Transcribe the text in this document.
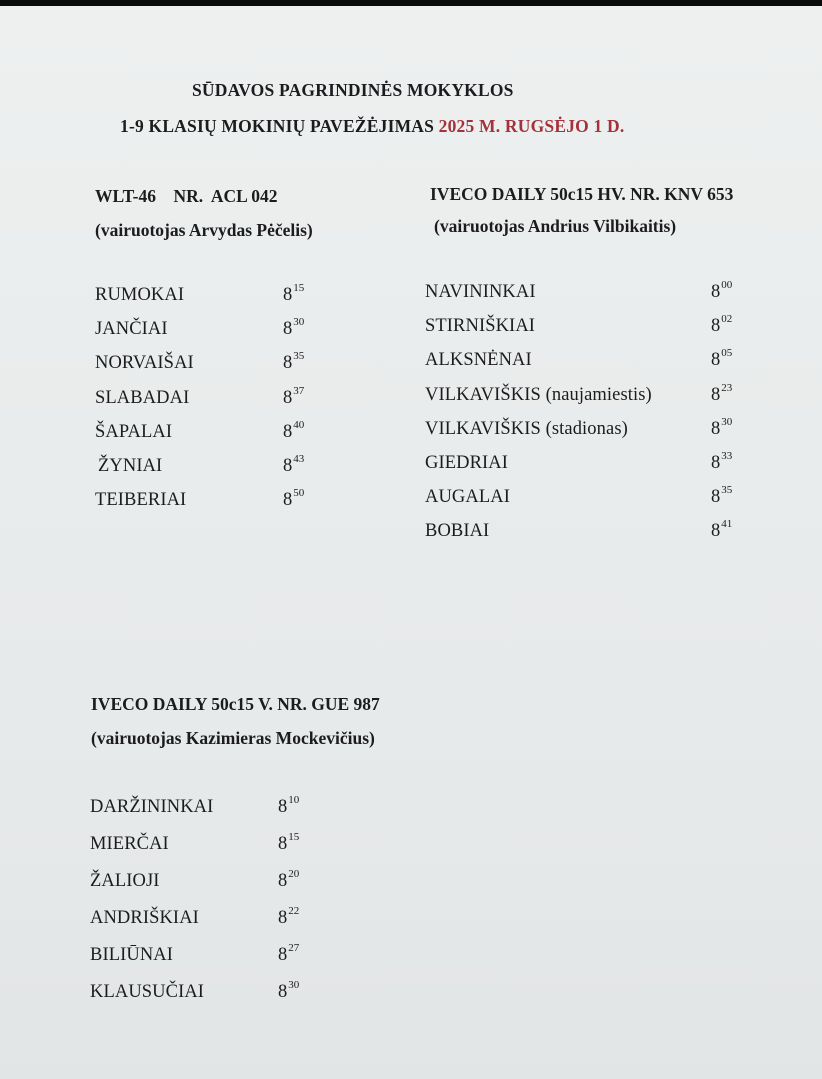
SŪDAVOS PAGRINDINĖS MOKYKLOS
1-9 KLASIŲ MOKINIŲ PAVEŽĖJIMAS 2025 M. RUGSĖJO 1 D.
WLT-46    NR.  ACL 042
(vairuotojas Arvydas Pėčelis)
RUMOKAI	$8^{15}$
JANČIAI	$8^{30}$
NORVAIŠAI	$8^{35}$
SLABADAI	$8^{37}$
ŠAPALAI	$8^{40}$
ŽYNIAI	$8^{43}$
TEIBERIAI	$8^{50}$
IVECO DAILY 50c15 HV. NR. KNV 653
(vairuotojas Andrius Vilbikaitis)
NAVININKAI	$8^{00}$
STIRNIŠKIAI	$8^{02}$
ALKSNĖNAI	$8^{05}$
VILKAVIŠKIS (naujamiestis)	$8^{23}$
VILKAVIŠKIS (stadionas)	$8^{30}$
GIEDRIAI	$8^{33}$
AUGALAI	$8^{35}$
BOBIAI	$8^{41}$
IVECO DAILY 50c15 V. NR. GUE 987
(vairuotojas Kazimieras Mockevičius)
DARŽININKAI	$8^{10}$
MIERČAI	$8^{15}$
ŽALIOJI	$8^{20}$
ANDRIŠKIAI	$8^{22}$
BILIŪNAI	$8^{27}$
KLAUSUČIAI	$8^{30}$
